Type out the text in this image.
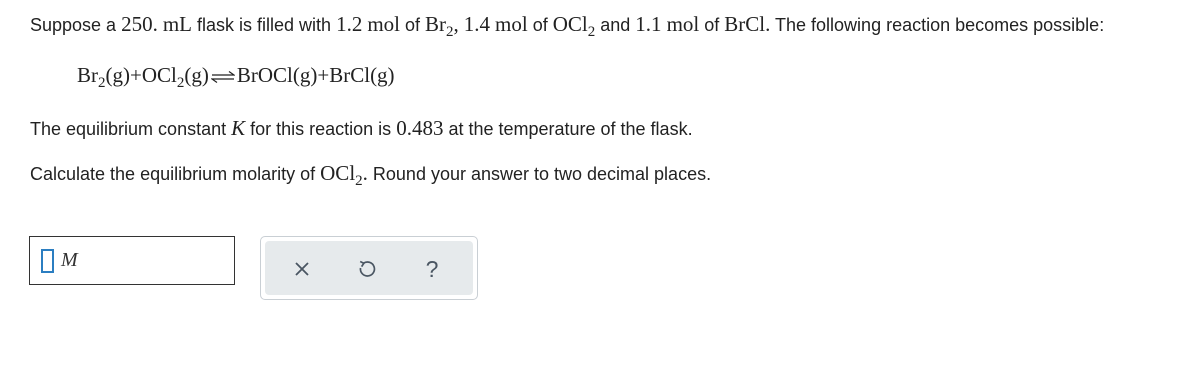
Suppose a 250. mL flask is filled with 1.2 mol of $Br_2$, 1.4 mol of OCl$_2$ and 1.1 mol of BrCl. The following reaction becomes possible:
$Br_2(g)+OCl_2(g)$ ⇌ BrOCl(g)+BrCl(g)
The equilibrium constant K for this reaction is 0.483 at the temperature of the flask.
Calculate the equilibrium molarity of OCl$_2$. Round your answer to two decimal places.
M	?
